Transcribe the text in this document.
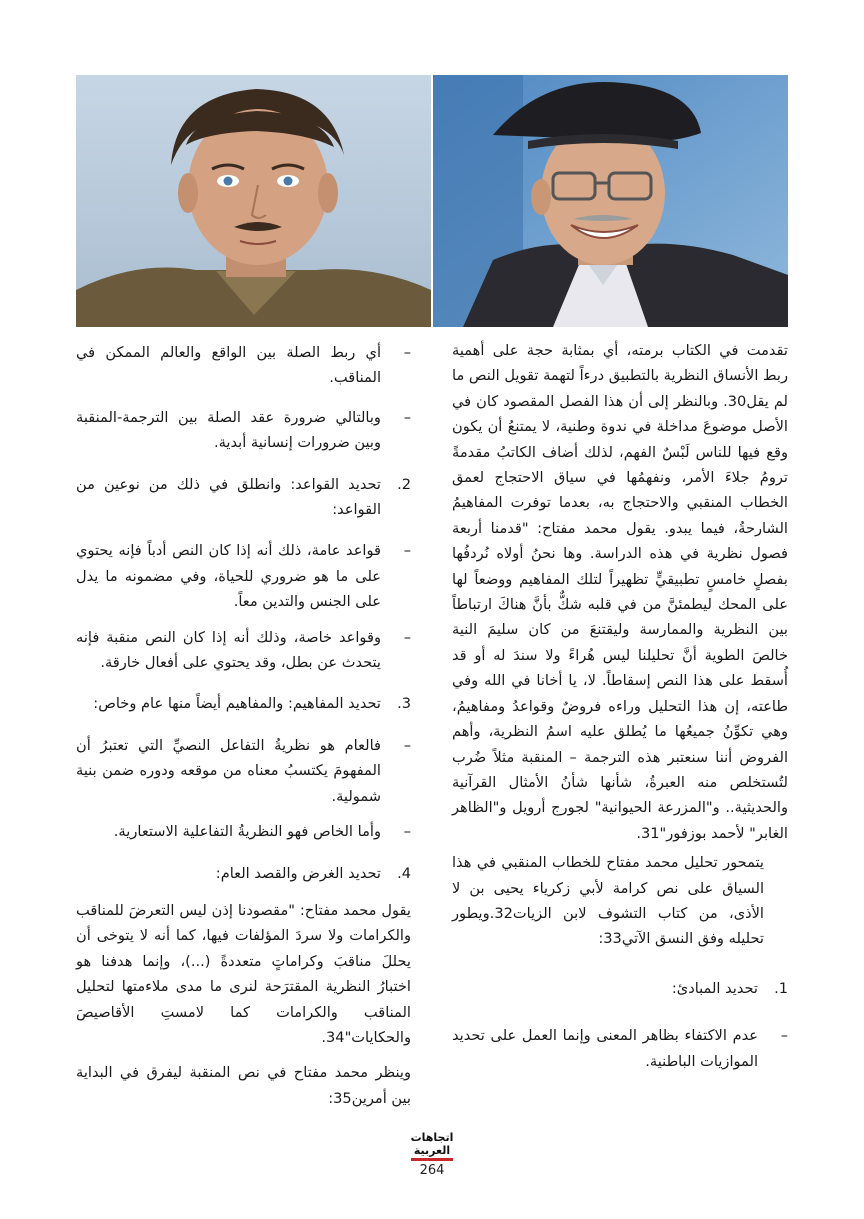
تقدمت في الكتاب برمته، أي بمثابة حجة على أهمية ربط الأنساق النظرية بالتطبيق درءاً لتهمة تقويل النص ما لم يقل30. وبالنظر إلى أن هذا الفصل المقصود كان في الأصل موضوعَ مداخلة في ندوة وطنية، لا يمتنعُ أن يكون وقع فيها للناس لَبْسٌ الفهم، لذلك أضاف الكاتبُ مقدمةً ترومُ جلاءَ الأمر، ونفهمُها في سياق الاحتجاج لعمق الخطاب المنقبي والاحتجاج به، بعدما توفرت المفاهيمُ الشارحةُ، فيما يبدو. يقول محمد مفتاح: "قدمنا أربعة فصول نظرية في هذه الدراسة. وها نحنُ أولاه نُردفُها بفصلٍ خامسٍ تطبيقيٍّ تظهيراً لتلك المفاهيم ووضعاً لها على المحك ليطمئنَّ من في قلبه شكٌّ بأنَّ هناكَ ارتباطاً بين النظرية والممارسة وليقتنعَ من كان سليمَ النية خالصَ الطوية أنَّ تحليلنا ليس هُراءً ولا سندَ له أو قد أُسقط على هذا النص إسقاطاً. لا، يا أخانا في الله وفي طاعته، إن هذا التحليل وراءه فروضٌ وقواعدُ ومفاهيمُ، وهي تكوِّنُ جميعُها ما يُطلق عليه اسمُ النظرية، وأهم الفروض أننا سنعتبر هذه الترجمة – المنقبة مثلاً ضُرب لتُستخلص منه العبرةُ، شأنها شأنُ الأمثال القرآنية والحديثية.. و"المزرعة الحيوانية" لجورج أرويل و"الظاهر الغابر" لأحمد بوزفور"31.

يتمحور تحليل محمد مفتاح للخطاب المنقبي في هذا السياق على نص كرامة لأبي زكرياء يحيى بن لا الأذى، من كتاب التشوف لابن الزيات32.ويطور تحليله وفق النسق الآتي33:

1.
تحديد المبادئ:

– عدم الاكتفاء بظاهر المعنى وإنما العمل على تحديد الموازيات الباطنية.

– أي ربط الصلة بين الواقع والعالم الممكن في المناقب.

– وبالتالي ضرورة عقد الصلة بين الترجمة-المنقبة وبين ضرورات إنسانية أبدية.

2.
تحديد القواعد: وانطلق في ذلك من نوعين من القواعد:

– قواعد عامة، ذلك أنه إذا كان النص أدباً فإنه يحتوي على ما هو ضروري للحياة، وفي مضمونه ما يدل على الجنس والتدين معاً.

– وقواعد خاصة، وذلك أنه إذا كان النص منقبة فإنه يتحدث عن بطل، وقد يحتوي على أفعال خارقة.

3.
تحديد المفاهيم: والمفاهيم أيضاً منها عام وخاص:

– فالعام هو نظريةُ التفاعل النصيِّ التي تعتبرُ أن المفهومَ يكتسبُ معناه من موقعه ودوره ضمن بنية شمولية.

– وأما الخاص فهو النظريةُ التفاعلية الاستعارية.

4.
تحديد الغرض والقصد العام:

يقول محمد مفتاح: "مقصودنا إذن ليس التعرضَ للمناقب والكرامات ولا سردَ المؤلفات فيها، كما أنه لا يتوخى أن يحللَ مناقبَ وكراماتٍ متعددةً (...)، وإنما هدفنا هو اختبارُ النظرية المقترَحة لنرى ما مدى ملاءمتها لتحليل المناقب والكرامات كما لامستِ الأقاصيصَ والحكايات"34.

وينظر محمد مفتاح في نص المنقبة ليفرق في البداية بين أمرين35:

اتجاهات
العربية
264
